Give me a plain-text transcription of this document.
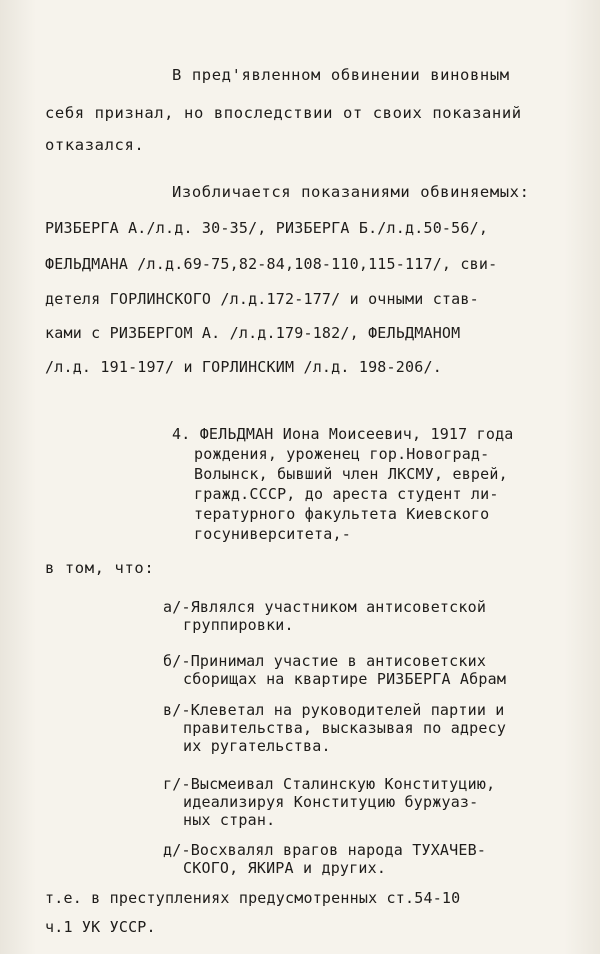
В пред'явленном обвинении виновным
себя признал, но впоследствии от своих показаний
отказался.
Изобличается показаниями обвиняемых:
РИЗБЕРГА А./л.д. 30-35/, РИЗБЕРГА Б./л.д.50-56/,
ФЕЛЬДМАНА /л.д.69-75,82-84,108-110,115-117/, сви-
детеля ГОРЛИНСКОГО /л.д.172-177/ и очными став-
ками с РИЗБЕРГОМ А. /л.д.179-182/, ФЕЛЬДМАНОМ
/л.д. 191-197/ и ГОРЛИНСКИМ /л.д. 198-206/.
4. ФЕЛЬДМАН Иона Моисеевич, 1917 года
рождения, уроженец гор.Новоград-
Волынск, бывший член ЛКСМУ, еврей,
гражд.СССР, до ареста студент ли-
тературного факультета Киевского
госуниверситета,-
в том, что:
а/-Являлся участником антисоветской
группировки.
б/-Принимал участие в антисоветских
сборищах на квартире РИЗБЕРГА Абрам
в/-Клеветал на руководителей партии и
правительства, высказывая по адресу
их ругательства.
г/-Высмеивал Сталинскую Конституцию,
идеализируя Конституцию буржуаз-
ных стран.
д/-Восхвалял врагов народа ТУХАЧЕВ-
СКОГО, ЯКИРА и других.
т.е. в преступлениях предусмотренных ст.54-10
ч.1 УК УССР.
